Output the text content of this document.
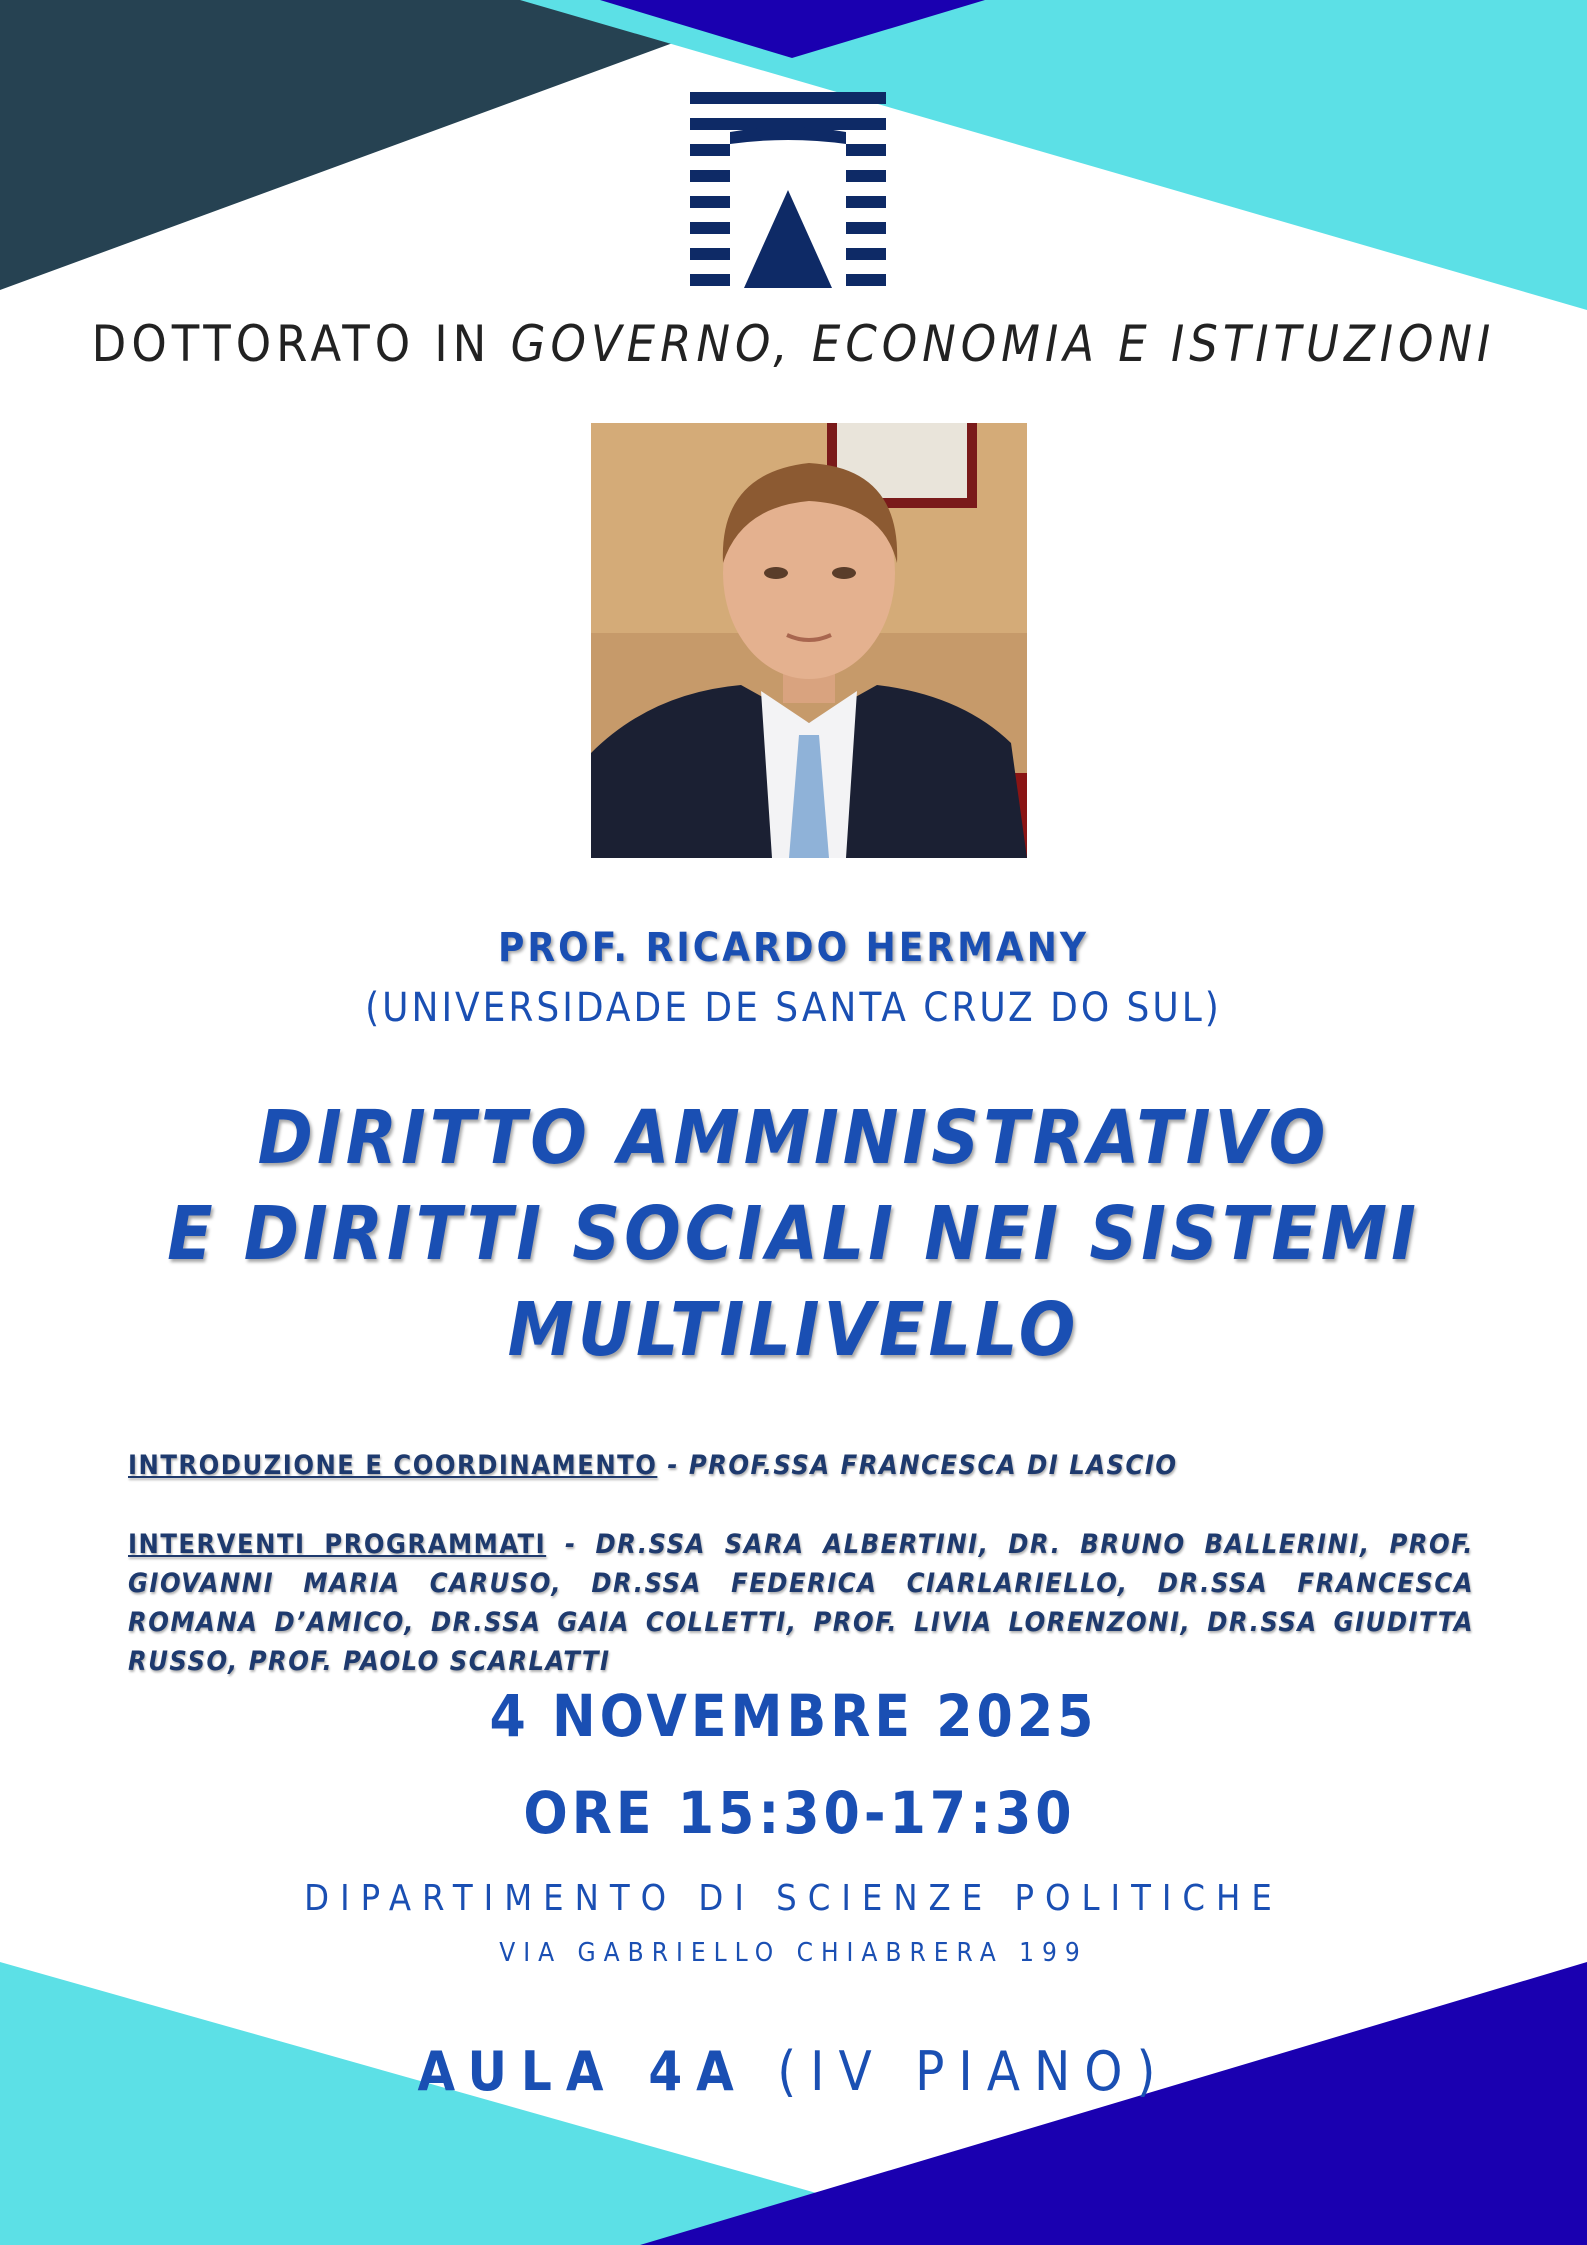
DOTTORATO IN GOVERNO, ECONOMIA E ISTITUZIONI
PROF. RICARDO HERMANY
(UNIVERSIDADE DE SANTA CRUZ DO SUL)
DIRITTO AMMINISTRATIVO
E DIRITTI SOCIALI NEI SISTEMI
MULTILIVELLO
INTRODUZIONE E COORDINAMENTO - PROF.SSA FRANCESCA DI LASCIO
INTERVENTI PROGRAMMATI - DR.SSA SARA ALBERTINI, DR. BRUNO BALLERINI, PROF. GIOVANNI MARIA CARUSO, DR.SSA FEDERICA CIARLARIELLO, DR.SSA FRANCESCA ROMANA D’AMICO, DR.SSA GAIA COLLETTI, PROF. LIVIA LORENZONI, DR.SSA GIUDITTA RUSSO, PROF. PAOLO SCARLATTI
4 NOVEMBRE 2025
ORE 15:30-17:30
DIPARTIMENTO DI SCIENZE POLITICHE
VIA GABRIELLO CHIABRERA 199
AULA 4A (IV PIANO)
